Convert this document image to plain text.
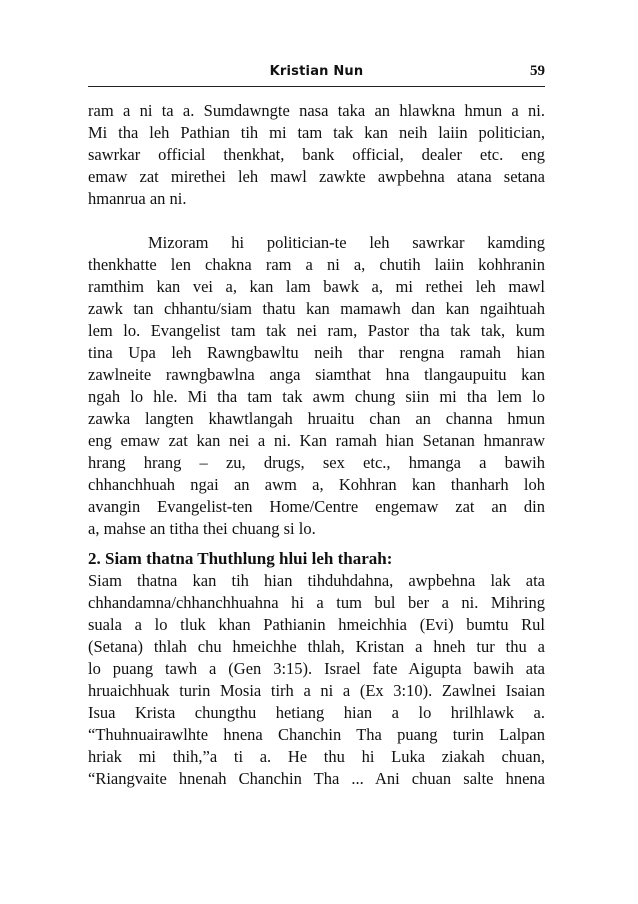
Kristian Nun	59
ram a ni ta a. Sumdawngte nasa taka an hlawkna hmun a ni.
Mi tha leh Pathian tih mi tam tak kan neih laiin politician,
sawrkar official thenkhat, bank official, dealer etc. eng
emaw zat mirethei leh mawl zawkte awpbehna atana setana
hmanrua an ni.
Mizoram hi politician-te leh sawrkar kamding
thenkhatte len chakna ram a ni a, chutih laiin kohhranin
ramthim kan vei a, kan lam bawk a, mi rethei leh mawl
zawk tan chhantu/siam thatu kan mamawh dan kan ngaihtuah
lem lo. Evangelist tam tak nei ram, Pastor tha tak tak, kum
tina Upa leh Rawngbawltu neih thar rengna ramah hian
zawlneite rawngbawlna anga siamthat hna tlangaupuitu kan
ngah lo hle. Mi tha tam tak awm chung siin mi tha lem lo
zawka langten khawtlangah hruaitu chan an channa hmun
eng emaw zat kan nei a ni. Kan ramah hian Setanan hmanraw
hrang hrang – zu, drugs, sex etc., hmanga a bawih
chhanchhuah ngai an awm a, Kohhran kan thanharh loh
avangin Evangelist-ten Home/Centre engemaw zat an din
a, mahse an titha thei chuang si lo.
2. Siam thatna Thuthlung hlui leh tharah:
Siam thatna kan tih hian tihduhdahna, awpbehna lak ata
chhandamna/chhanchhuahna hi a tum bul ber a ni. Mihring
suala a lo tluk khan Pathianin hmeichhia (Evi) bumtu Rul
(Setana) thlah chu hmeichhe thlah, Kristan a hneh tur thu a
lo puang tawh a (Gen 3:15). Israel fate Aigupta bawih ata
hruaichhuak turin Mosia tirh a ni a (Ex 3:10). Zawlnei Isaian
Isua Krista chungthu hetiang hian a lo hrilhlawk a.
“Thuhnuairawlhte hnena Chanchin Tha puang turin Lalpan
hriak mi thih,”a ti a. He thu hi Luka ziakah chuan,
“Riangvaite hnenah Chanchin Tha ... Ani chuan salte hnena
